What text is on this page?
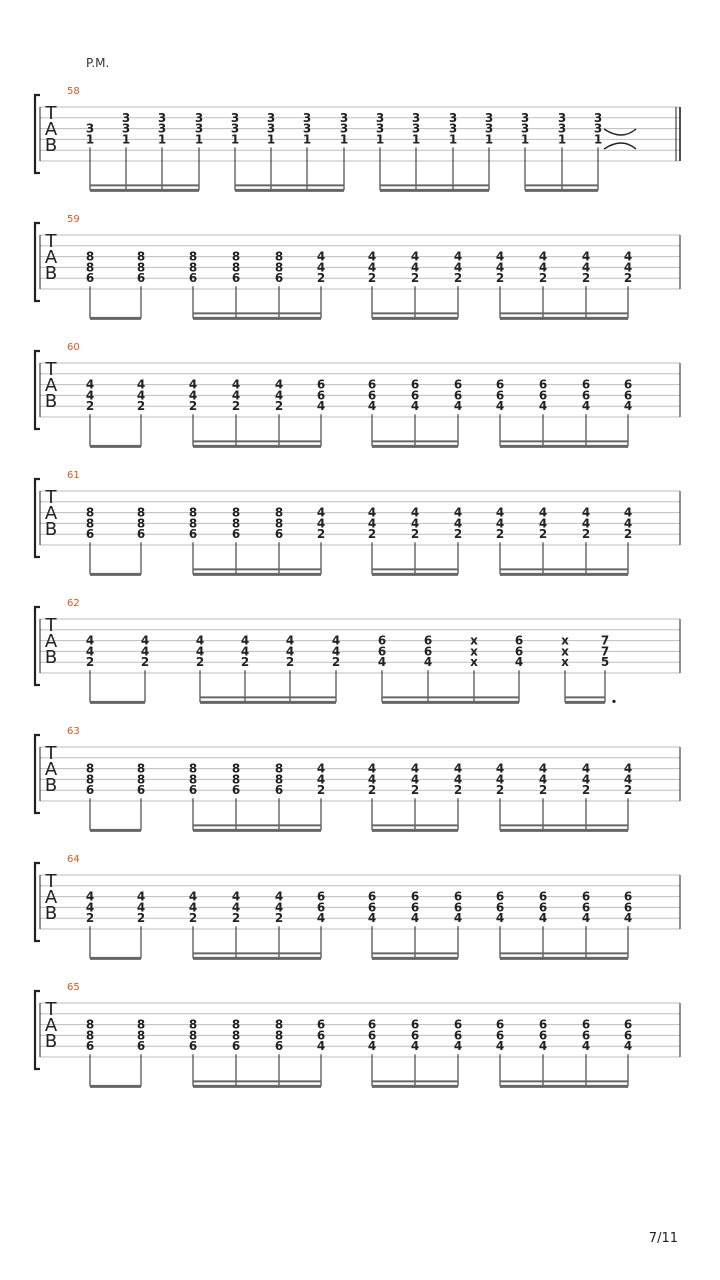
P.M.
T
A
B
58
3
1
3
3
1
3
3
1
3
3
1
3
3
1
3
3
1
3
3
1
3
3
1
3
3
1
3
3
1
3
3
1
3
3
1
3
3
1
3
3
1
3
3
1
T
A
B
59
8
8
6
8
8
6
8
8
6
8
8
6
8
8
6
4
4
2
4
4
2
4
4
2
4
4
2
4
4
2
4
4
2
4
4
2
4
4
2
T
A
B
60
4
4
2
4
4
2
4
4
2
4
4
2
4
4
2
6
6
4
6
6
4
6
6
4
6
6
4
6
6
4
6
6
4
6
6
4
6
6
4
T
A
B
61
8
8
6
8
8
6
8
8
6
8
8
6
8
8
6
4
4
2
4
4
2
4
4
2
4
4
2
4
4
2
4
4
2
4
4
2
4
4
2
T
A
B
62
4
4
2
4
4
2
4
4
2
4
4
2
4
4
2
4
4
2
6
6
4
6
6
4
x
x
x
6
6
4
x
x
x
7
7
5
T
A
B
63
8
8
6
8
8
6
8
8
6
8
8
6
8
8
6
4
4
2
4
4
2
4
4
2
4
4
2
4
4
2
4
4
2
4
4
2
4
4
2
T
A
B
64
4
4
2
4
4
2
4
4
2
4
4
2
4
4
2
6
6
4
6
6
4
6
6
4
6
6
4
6
6
4
6
6
4
6
6
4
6
6
4
T
A
B
65
8
8
6
8
8
6
8
8
6
8
8
6
8
8
6
6
6
4
6
6
4
6
6
4
6
6
4
6
6
4
6
6
4
6
6
4
6
6
4
7/11
